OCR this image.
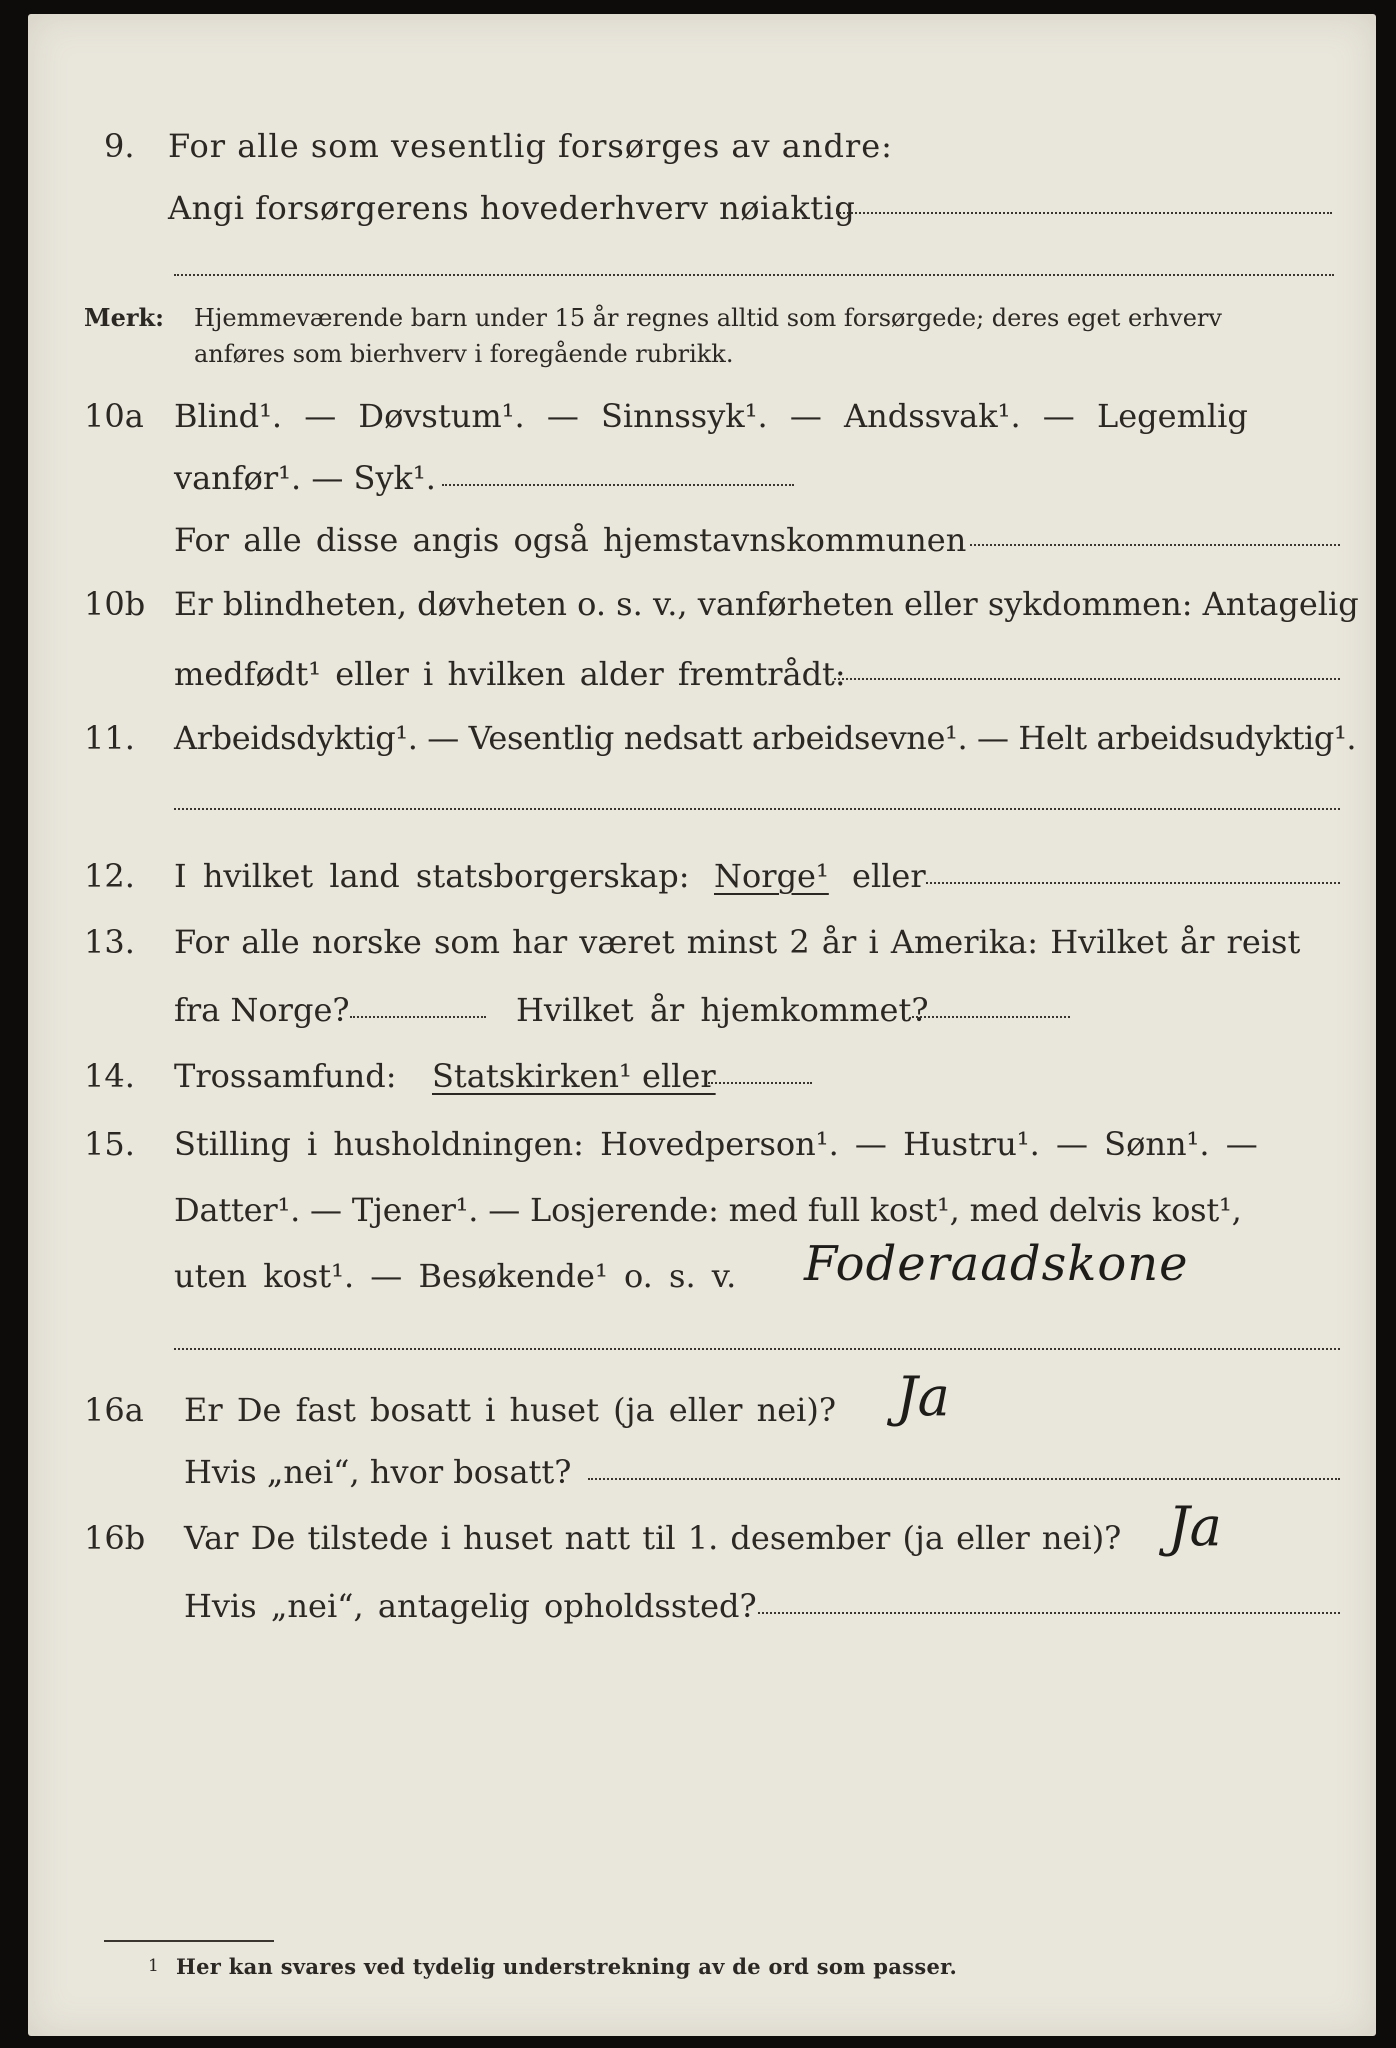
9. For alle som vesentlig forsørges av andre:
Angi forsørgerens hovederhverv nøiaktig
Merk: Hjemmeværende barn under 15 år regnes alltid som forsørgede; deres eget erhverv
anføres som bierhverv i foregående rubrikk.
10a Blind¹. — Døvstum¹. — Sinnssyk¹. — Andssvak¹. — Legemlig
vanfør¹. — Syk¹.
For alle disse angis også hjemstavnskommunen
10b Er blindheten, døvheten o. s. v., vanførheten eller sykdommen: Antagelig
medfødt¹ eller i hvilken alder fremtrådt:
11. Arbeidsdyktig¹. — Vesentlig nedsatt arbeidsevne¹. — Helt arbeidsudyktig¹.
12. I hvilket land statsborgerskap: Norge¹ eller
13. For alle norske som har været minst 2 år i Amerika: Hvilket år reist
fra Norge?	Hvilket år hjemkommet?
14. Trossamfund: Statskirken¹ eller
15. Stilling i husholdningen: Hovedperson¹. — Hustru¹. — Sønn¹. —
Datter¹. — Tjener¹. — Losjerende: med full kost¹, med delvis kost¹,
uten kost¹. — Besøkende¹ o. s. v. Foderaadskone
16a Er De fast bosatt i huset (ja eller nei)? Ja
Hvis „nei“, hvor bosatt?
16b Var De tilstede i huset natt til 1. desember (ja eller nei)? Ja
Hvis „nei“, antagelig opholdssted?
1 Her kan svares ved tydelig understrekning av de ord som passer.
